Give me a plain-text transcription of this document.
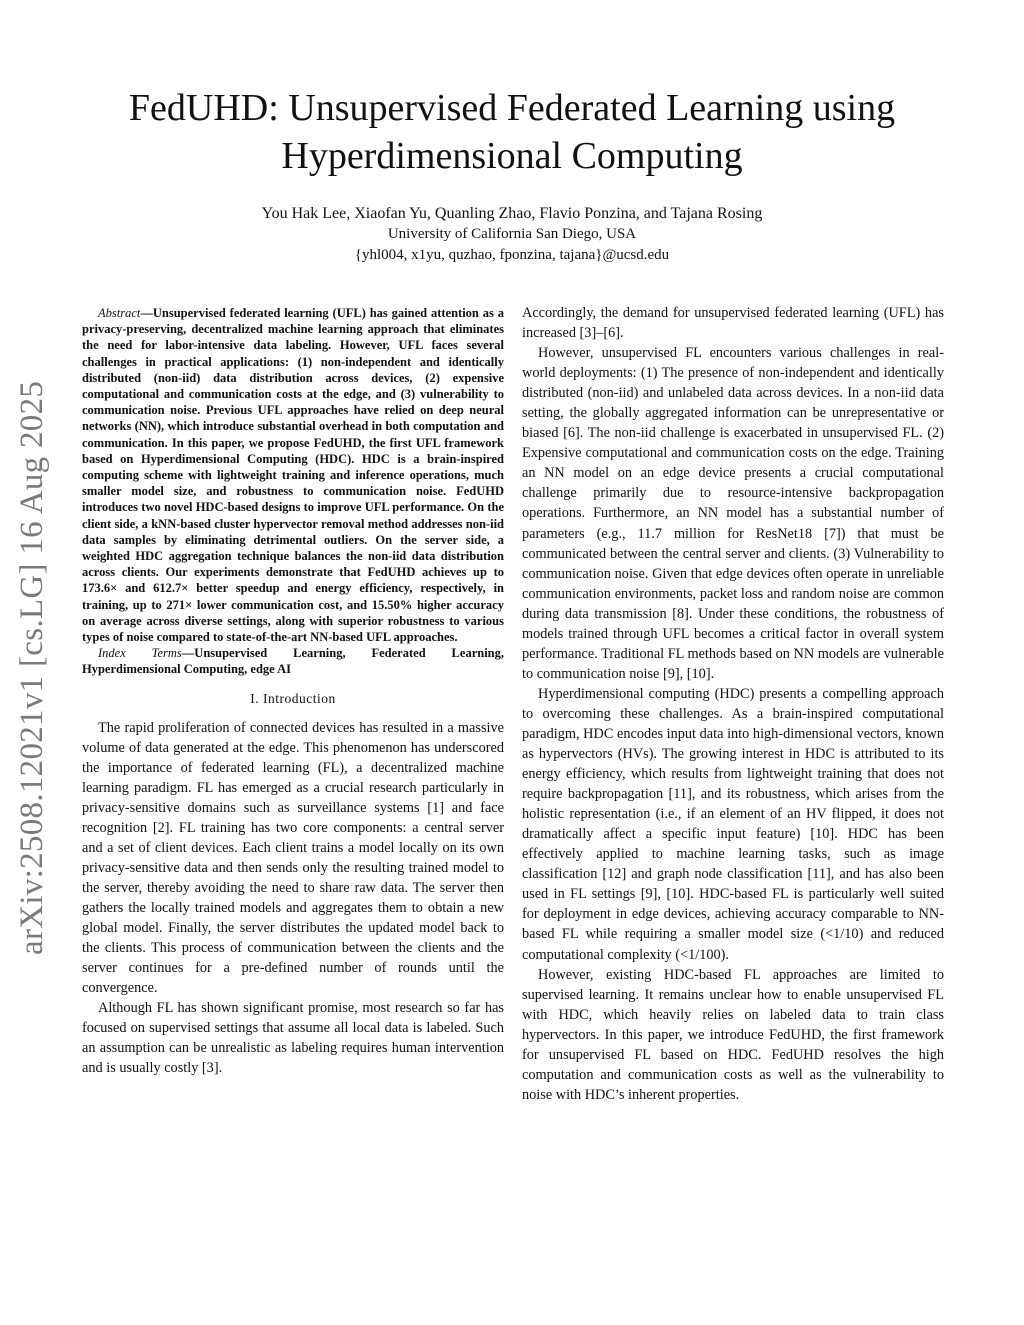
arXiv:2508.12021v1 [cs.LG] 16 Aug 2025
FedUHD: Unsupervised Federated Learning using Hyperdimensional Computing
You Hak Lee, Xiaofan Yu, Quanling Zhao, Flavio Ponzina, and Tajana Rosing
University of California San Diego, USA
{yhl004, x1yu, quzhao, fponzina, tajana}@ucsd.edu

Abstract—Unsupervised federated learning (UFL) has gained attention as a privacy-preserving, decentralized machine learning approach that eliminates the need for labor-intensive data labeling. However, UFL faces several challenges in practical applications: (1) non-independent and identically distributed (non-iid) data distribution across devices, (2) expensive computational and communication costs at the edge, and (3) vulnerability to communication noise. Previous UFL approaches have relied on deep neural networks (NN), which introduce substantial overhead in both computation and communication. In this paper, we propose FedUHD, the first UFL framework based on Hyperdimensional Computing (HDC). HDC is a brain-inspired computing scheme with lightweight training and inference operations, much smaller model size, and robustness to communication noise. FedUHD introduces two novel HDC-based designs to improve UFL performance. On the client side, a kNN-based cluster hypervector removal method addresses non-iid data samples by eliminating detrimental outliers. On the server side, a weighted HDC aggregation technique balances the non-iid data distribution across clients. Our experiments demonstrate that FedUHD achieves up to 173.6× and 612.7× better speedup and energy efficiency, respectively, in training, up to 271× lower communication cost, and 15.50% higher accuracy on average across diverse settings, along with superior robustness to various types of noise compared to state-of-the-art NN-based UFL approaches.

Index Terms—Unsupervised Learning, Federated Learning, Hyperdimensional Computing, edge AI

I. Introduction

The rapid proliferation of connected devices has resulted in a massive volume of data generated at the edge. This phenomenon has underscored the importance of federated learning (FL), a decentralized machine learning paradigm. FL has emerged as a crucial research particularly in privacy-sensitive domains such as surveillance systems [1] and face recognition [2]. FL training has two core components: a central server and a set of client devices. Each client trains a model locally on its own privacy-sensitive data and then sends only the resulting trained model to the server, thereby avoiding the need to share raw data. The server then gathers the locally trained models and aggregates them to obtain a new global model. Finally, the server distributes the updated model back to the clients. This process of communication between the clients and the server continues for a pre-defined number of rounds until the convergence.

Although FL has shown significant promise, most research so far has focused on supervised settings that assume all local data is labeled. Such an assumption can be unrealistic as labeling requires human intervention and is usually costly [3].

Accordingly, the demand for unsupervised federated learning (UFL) has increased [3]–[6].

However, unsupervised FL encounters various challenges in real-world deployments: (1) The presence of non-independent and identically distributed (non-iid) and unlabeled data across devices. In a non-iid data setting, the globally aggregated information can be unrepresentative or biased [6]. The non-iid challenge is exacerbated in unsupervised FL. (2) Expensive computational and communication costs on the edge. Training an NN model on an edge device presents a crucial computational challenge primarily due to resource-intensive backpropagation operations. Furthermore, an NN model has a substantial number of parameters (e.g., 11.7 million for ResNet18 [7]) that must be communicated between the central server and clients. (3) Vulnerability to communication noise. Given that edge devices often operate in unreliable communication environments, packet loss and random noise are common during data transmission [8]. Under these conditions, the robustness of models trained through UFL becomes a critical factor in overall system performance. Traditional FL methods based on NN models are vulnerable to communication noise [9], [10].

Hyperdimensional computing (HDC) presents a compelling approach to overcoming these challenges. As a brain-inspired computational paradigm, HDC encodes input data into high-dimensional vectors, known as hypervectors (HVs). The growing interest in HDC is attributed to its energy efficiency, which results from lightweight training that does not require backpropagation [11], and its robustness, which arises from the holistic representation (i.e., if an element of an HV flipped, it does not dramatically affect a specific input feature) [10]. HDC has been effectively applied to machine learning tasks, such as image classification [12] and graph node classification [11], and has also been used in FL settings [9], [10]. HDC-based FL is particularly well suited for deployment in edge devices, achieving accuracy comparable to NN-based FL while requiring a smaller model size (<1/10) and reduced computational complexity (<1/100).

However, existing HDC-based FL approaches are limited to supervised learning. It remains unclear how to enable unsupervised FL with HDC, which heavily relies on labeled data to train class hypervectors. In this paper, we introduce FedUHD, the first framework for unsupervised FL based on HDC. FedUHD resolves the high computation and communication costs as well as the vulnerability to noise with HDC’s inherent properties.
